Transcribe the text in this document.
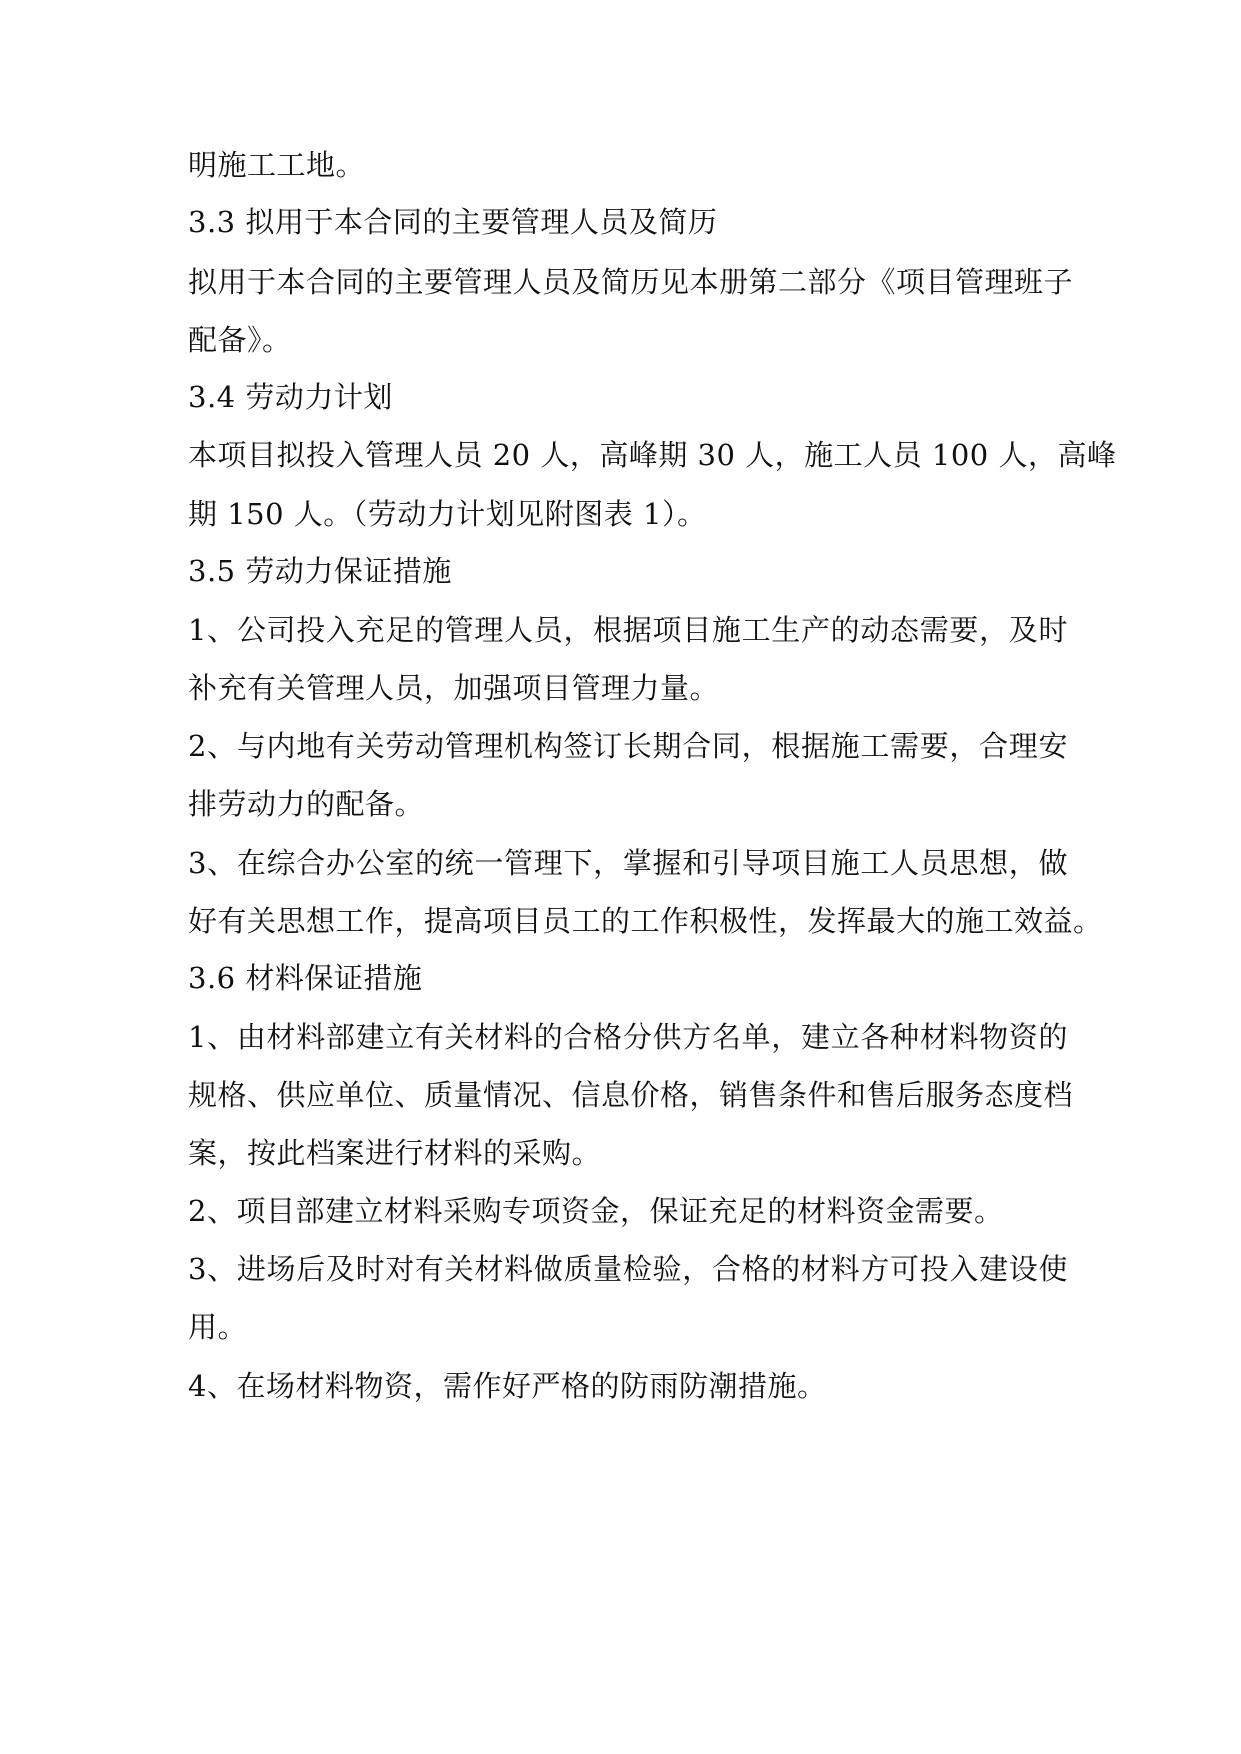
明施工工地。
3.3 拟用于本合同的主要管理人员及简历
拟用于本合同的主要管理人员及简历见本册第二部分《项目管理班子
配备》。
3.4 劳动力计划
本项目拟投入管理人员 20 人，高峰期 30 人，施工人员 100 人，高峰
期 150 人。（劳动力计划见附图表 1）。
3.5 劳动力保证措施
1、公司投入充足的管理人员，根据项目施工生产的动态需要，及时
补充有关管理人员，加强项目管理力量。
2、与内地有关劳动管理机构签订长期合同，根据施工需要，合理安
排劳动力的配备。
3、在综合办公室的统一管理下，掌握和引导项目施工人员思想，做
好有关思想工作，提高项目员工的工作积极性，发挥最大的施工效益。
3.6 材料保证措施
1、由材料部建立有关材料的合格分供方名单，建立各种材料物资的
规格、供应单位、质量情况、信息价格，销售条件和售后服务态度档
案，按此档案进行材料的采购。
2、项目部建立材料采购专项资金，保证充足的材料资金需要。
3、进场后及时对有关材料做质量检验，合格的材料方可投入建设使
用。
4、在场材料物资，需作好严格的防雨防潮措施。
